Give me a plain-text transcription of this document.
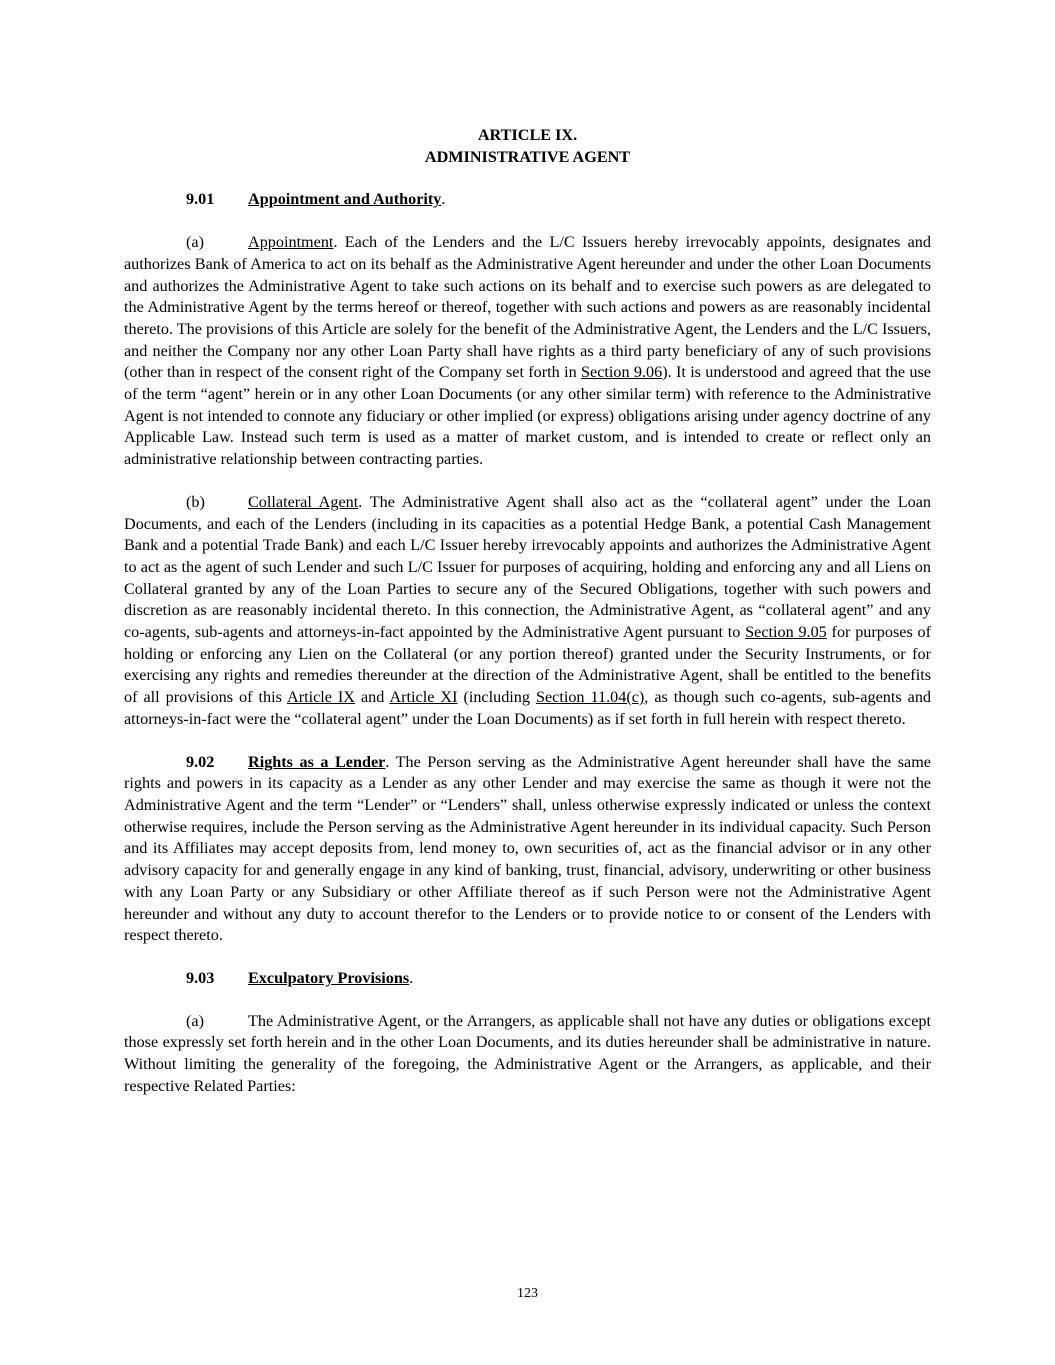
ARTICLE IX.
ADMINISTRATIVE AGENT
9.01 Appointment and Authority.

(a)	Appointment. Each of the Lenders and the L/C Issuers hereby irrevocably appoints, designates and authorizes Bank of America to act on its behalf as the Administrative Agent hereunder and under the other Loan Documents and authorizes the Administrative Agent to take such actions on its behalf and to exercise such powers as are delegated to the Administrative Agent by the terms hereof or thereof, together with such actions and powers as are reasonably incidental thereto. The provisions of this Article are solely for the benefit of the Administrative Agent, the Lenders and the L/C Issuers, and neither the Company nor any other Loan Party shall have rights as a third party beneficiary of any of such provisions (other than in respect of the consent right of the Company set forth in Section 9.06). It is understood and agreed that the use of the term “agent” herein or in any other Loan Documents (or any other similar term) with reference to the Administrative Agent is not intended to connote any fiduciary or other implied (or express) obligations arising under agency doctrine of any Applicable Law. Instead such term is used as a matter of market custom, and is intended to create or reflect only an administrative relationship between contracting parties.

(b)	Collateral Agent. The Administrative Agent shall also act as the “collateral agent” under the Loan Documents, and each of the Lenders (including in its capacities as a potential Hedge Bank, a potential Cash Management Bank and a potential Trade Bank) and each L/C Issuer hereby irrevocably appoints and authorizes the Administrative Agent to act as the agent of such Lender and such L/C Issuer for purposes of acquiring, holding and enforcing any and all Liens on Collateral granted by any of the Loan Parties to secure any of the Secured Obligations, together with such powers and discretion as are reasonably incidental thereto. In this connection, the Administrative Agent, as “collateral agent” and any co-agents, sub-agents and attorneys-in-fact appointed by the Administrative Agent pursuant to Section 9.05 for purposes of holding or enforcing any Lien on the Collateral (or any portion thereof) granted under the Security Instruments, or for exercising any rights and remedies thereunder at the direction of the Administrative Agent, shall be entitled to the benefits of all provisions of this Article IX and Article XI (including Section 11.04(c), as though such co-agents, sub-agents and attorneys-in-fact were the “collateral agent” under the Loan Documents) as if set forth in full herein with respect thereto.

9.02 Rights as a Lender. The Person serving as the Administrative Agent hereunder shall have the same rights and powers in its capacity as a Lender as any other Lender and may exercise the same as though it were not the Administrative Agent and the term “Lender” or “Lenders” shall, unless otherwise expressly indicated or unless the context otherwise requires, include the Person serving as the Administrative Agent hereunder in its individual capacity. Such Person and its Affiliates may accept deposits from, lend money to, own securities of, act as the financial advisor or in any other advisory capacity for and generally engage in any kind of banking, trust, financial, advisory, underwriting or other business with any Loan Party or any Subsidiary or other Affiliate thereof as if such Person were not the Administrative Agent hereunder and without any duty to account therefor to the Lenders or to provide notice to or consent of the Lenders with respect thereto.

9.03 Exculpatory Provisions.

(a)	The Administrative Agent, or the Arrangers, as applicable shall not have any duties or obligations except those expressly set forth herein and in the other Loan Documents, and its duties hereunder shall be administrative in nature. Without limiting the generality of the foregoing, the Administrative Agent or the Arrangers, as applicable, and their respective Related Parties:

123
